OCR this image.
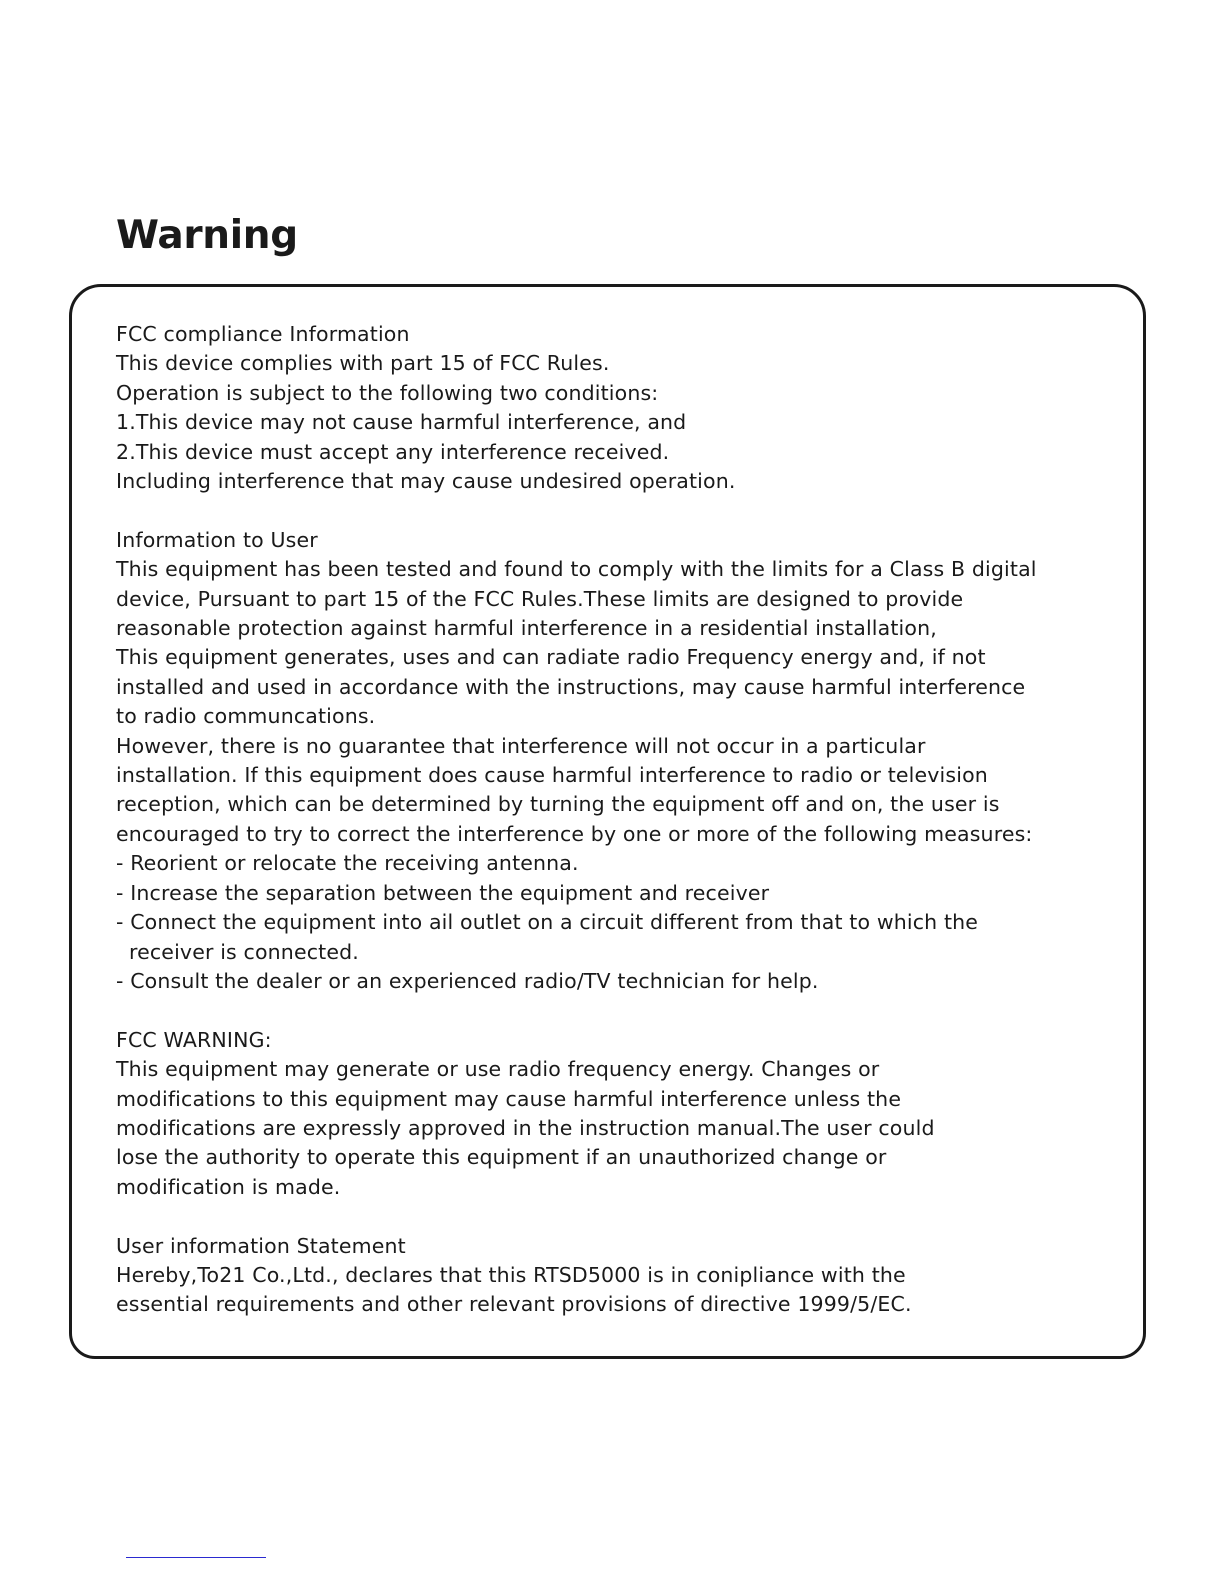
Warning
FCC compliance Information
This device complies with part 15 of FCC Rules.
Operation is subject to the following two conditions:
1.This device may not cause harmful interference, and
2.This device must accept any interference received.
Including interference that may cause undesired operation.
Information to User
This equipment has been tested and found to comply with the limits for a Class B digital
device, Pursuant to part 15 of the FCC Rules.These limits are designed to provide
reasonable protection against harmful interference in a residential installation,
This equipment generates, uses and can radiate radio Frequency energy and, if not
installed and used in accordance with the instructions, may cause harmful interference
to radio communcations.
However, there is no guarantee that interference will not occur in a particular
installation. If this equipment does cause harmful interference to radio or television
reception, which can be determined by turning the equipment off and on, the user is
encouraged to try to correct the interference by one or more of the following measures:
- Reorient or relocate the receiving antenna.
- Increase the separation between the equipment and receiver
- Connect the equipment into ail outlet on a circuit different from that to which the
receiver is connected.
- Consult the dealer or an experienced radio/TV technician for help.
FCC WARNING:
This equipment may generate or use radio frequency energy. Changes or
modifications to this equipment may cause harmful interference unless the
modifications are expressly approved in the instruction manual.The user could
lose the authority to operate this equipment if an unauthorized change or
modification is made.
User information Statement
Hereby,To21 Co.,Ltd., declares that this RTSD5000 is in conipliance with the
essential requirements and other relevant provisions of directive 1999/5/EC.
